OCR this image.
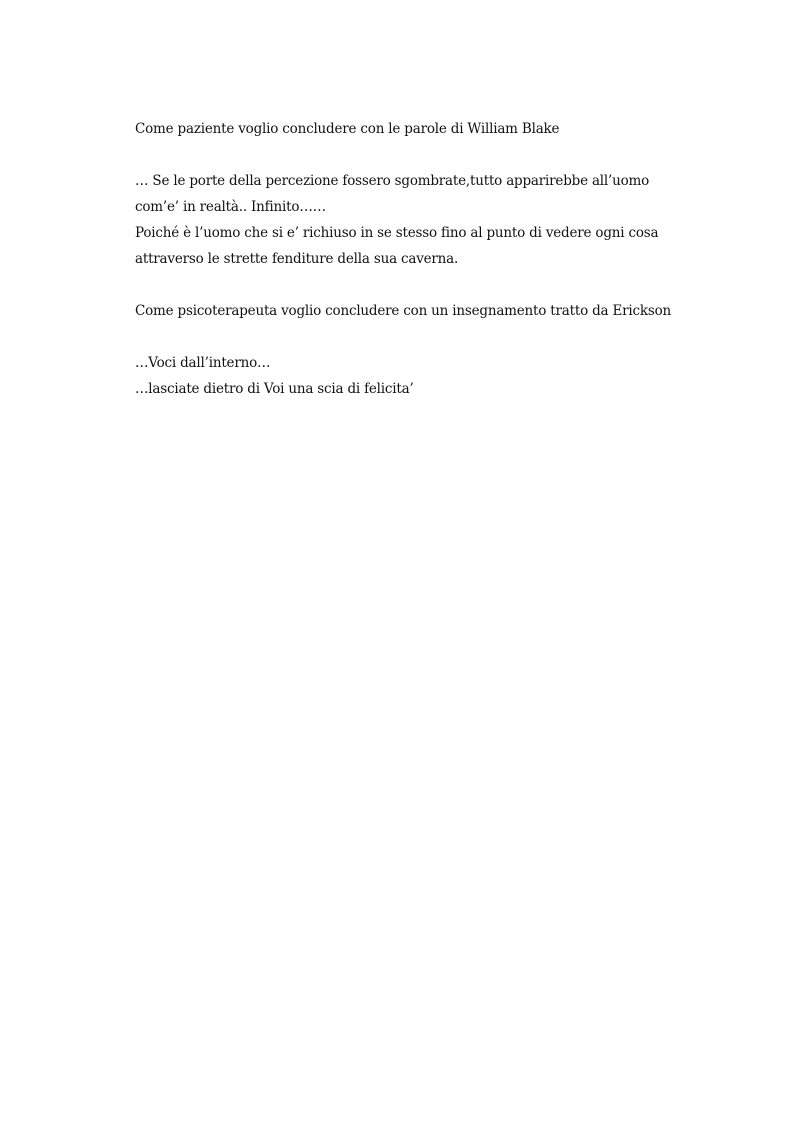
Come paziente voglio concludere con le parole di William Blake
… Se le porte della percezione fossero sgombrate,tutto apparirebbe all’uomo
com’e’ in realtà.. Infinito……
Poiché è l’uomo che si e’ richiuso in se stesso fino al punto di vedere ogni cosa
attraverso le strette fenditure della sua caverna.
Come psicoterapeuta voglio concludere con un insegnamento tratto da Erickson
…Voci dall’interno…
…lasciate dietro di Voi una scia di felicita’
